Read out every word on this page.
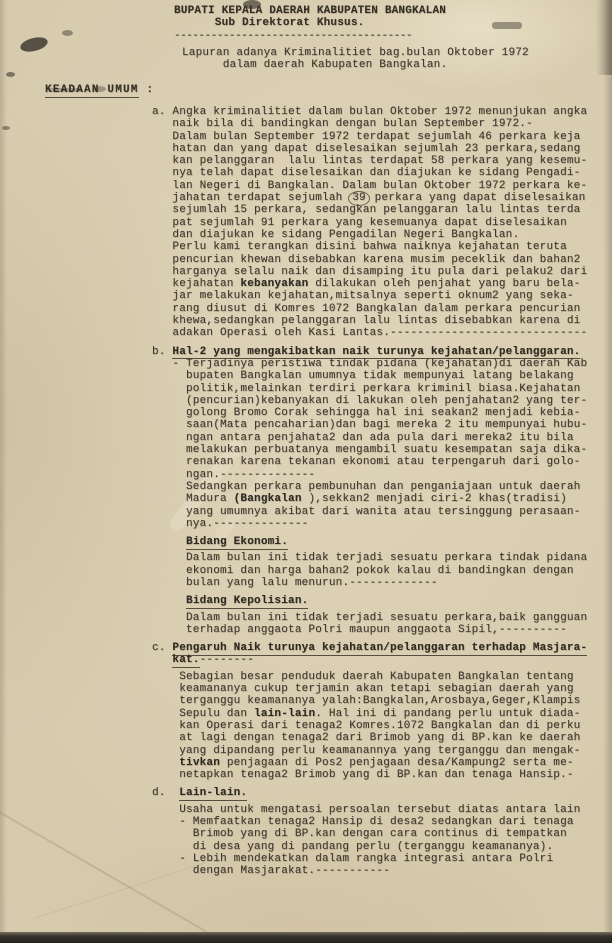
BUPATI KEPALA DAERAH KABUPATEN BANGKALAN
Sub Direktorat Khusus.
---------------------------------------
Lapuran adanya Kriminalitiet bag.bulan Oktober 1972
dalam daerah Kabupaten Bangkalan.
KEADAAN UMUM :
a. Angka kriminalitiet dalam bulan Oktober 1972 menunjukan angka
naik bila di bandingkan dengan bulan September 1972.-
Dalam bulan September 1972 terdapat sejumlah 46 perkara keja
hatan dan yang dapat diselesaikan sejumlah 23 perkara,sedang
kan pelanggaran  lalu lintas terdapat 58 perkara yang kesemu-
nya telah dapat diselesaikan dan diajukan ke sidang Pengadi-
lan Negeri di Bangkalan. Dalam bulan Oktober 1972 perkara ke-
jahatan terdapat sejumlah 39 perkara yang dapat diselesaikan
sejumlah 15 perkara, sedangkan pelanggaran lalu lintas terda
pat sejumlah 91 perkara yang kesemuanya dapat diselesaikan
dan diajukan ke sidang Pengadilan Negeri Bangkalan.
Perlu kami terangkan disini bahwa naiknya kejahatan teruta
pencurian khewan disebabkan karena musim peceklik dan bahan2
harganya selalu naik dan disamping itu pula dari pelaku2 dari
kejahatan kebanyakan dilakukan oleh penjahat yang baru bela-
jar melakukan kejahatan,mitsalnya seperti oknum2 yang seka-
rang diusut di Komres 1072 Bangkalan dalam perkara pencurian
khewa,sedangkan pelanggaran lalu lintas disebabkan karena di
adakan Operasi oleh Kasi Lantas.-----------------------------
b. Hal-2 yang mengakibatkan naik turunya kejahatan/pelanggaran.
- Terjadinya peristiwa tindak pidana (kejahatan)di daerah Kab
bupaten Bangkalan umumnya tidak mempunyai latang belakang
politik,melainkan terdiri perkara kriminil biasa.Kejahatan
(pencurian)kebanyakan di lakukan oleh penjahatan2 yang ter-
golong Bromo Corak sehingga hal ini seakan2 menjadi kebia-
saan(Mata pencaharian)dan bagi mereka 2 itu mempunyai hubu-
ngan antara penjahata2 dan ada pula dari mereka2 itu bila
melakukan perbuatanya mengambil suatu kesempatan saja dika-
renakan karena tekanan ekonomi atau terpengaruh dari golo-
ngan.--------------
Sedangkan perkara pembunuhan dan penganiajaan untuk daerah
Madura (Bangkalan ),sekkan2 menjadi ciri-2 khas(tradisi)
yang umumnya akibat dari wanita atau tersinggung perasaan-
nya.--------------
Bidang Ekonomi.
Dalam bulan ini tidak terjadi sesuatu perkara tindak pidana
ekonomi dan harga bahan2 pokok kalau di bandingkan dengan
bulan yang lalu menurun.-------------
Bidang Kepolisian.
Dalam bulan ini tidak terjadi sesuatu perkara,baik gangguan
terhadap anggaota Polri maupun anggaota Sipil,----------
c. Pengaruh Naik turunya kejahatan/pelanggaran terhadap Masjara-
kat.--------
Sebagian besar penduduk daerah Kabupaten Bangkalan tentang
keamananya cukup terjamin akan tetapi sebagian daerah yang
terganggu keamananya yalah:Bangkalan,Arosbaya,Geger,Klampis
Sepulu dan lain-lain. Hal ini di pandang perlu untuk diada-
kan Operasi dari tenaga2 Komres.1072 Bangkalan dan di perku
at lagi dengan tenaga2 dari Brimob yang di BP.kan ke daerah
yang dipandang perlu keamanannya yang terganggu dan mengak-
tivkan penjagaan di Pos2 penjagaan desa/Kampung2 serta me-
netapkan tenaga2 Brimob yang di BP.kan dan tenaga Hansip.-
d.  Lain-lain.
Usaha untuk mengatasi persoalan tersebut diatas antara lain
- Memfaatkan tenaga2 Hansip di desa2 sedangkan dari tenaga
Brimob yang di BP.kan dengan cara continus di tempatkan
di desa yang di pandang perlu (terganggu keamananya).
- Lebih mendekatkan dalam rangka integrasi antara Polri
dengan Masjarakat.-----------
